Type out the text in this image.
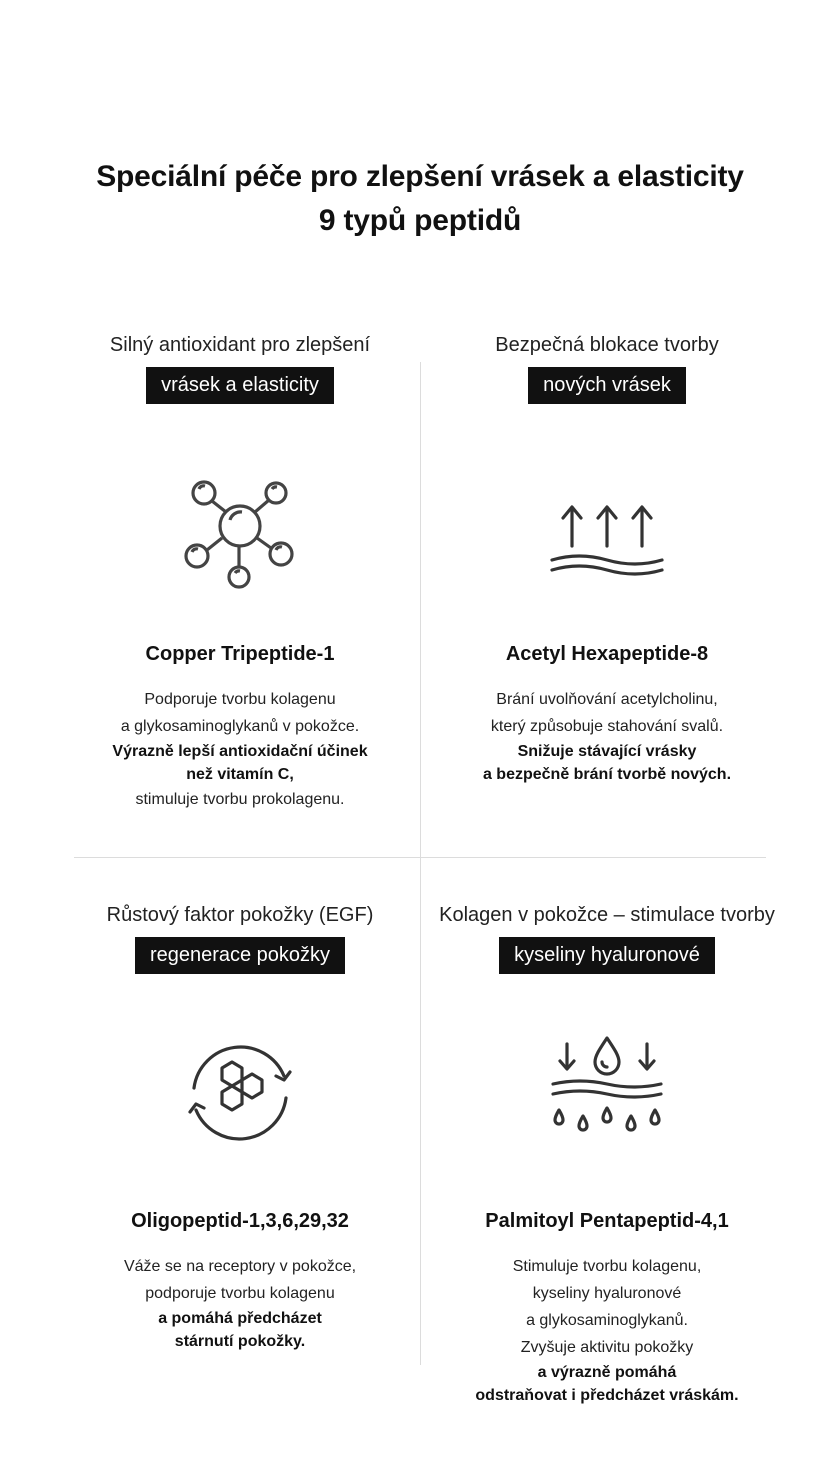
Speciální péče pro zlepšení vrásek a elasticity
9 typů peptidů
Silný antioxidant pro zlepšení
vrásek a elasticity
Copper Tripeptide-1
Podporuje tvorbu kolagenu
a glykosaminoglykanů v pokožce.
Výrazně lepší antioxidační účinek
než vitamín C,
stimuluje tvorbu prokolagenu.
Bezpečná blokace tvorby
nových vrásek
Acetyl Hexapeptide-8
Brání uvolňování acetylcholinu,
který způsobuje stahování svalů.
Snižuje stávající vrásky
a bezpečně brání tvorbě nových.
Růstový faktor pokožky (EGF)
regenerace pokožky
Oligopeptid-1,3,6,29,32
Váže se na receptory v pokožce,
podporuje tvorbu kolagenu
a pomáhá předcházet
stárnutí pokožky.
Kolagen v pokožce – stimulace tvorby
kyseliny hyaluronové
Palmitoyl Pentapeptid-4,1
Stimuluje tvorbu kolagenu,
kyseliny hyaluronové
a glykosaminoglykanů.
Zvyšuje aktivitu pokožky
a výrazně pomáhá
odstraňovat i předcházet vráskám.
